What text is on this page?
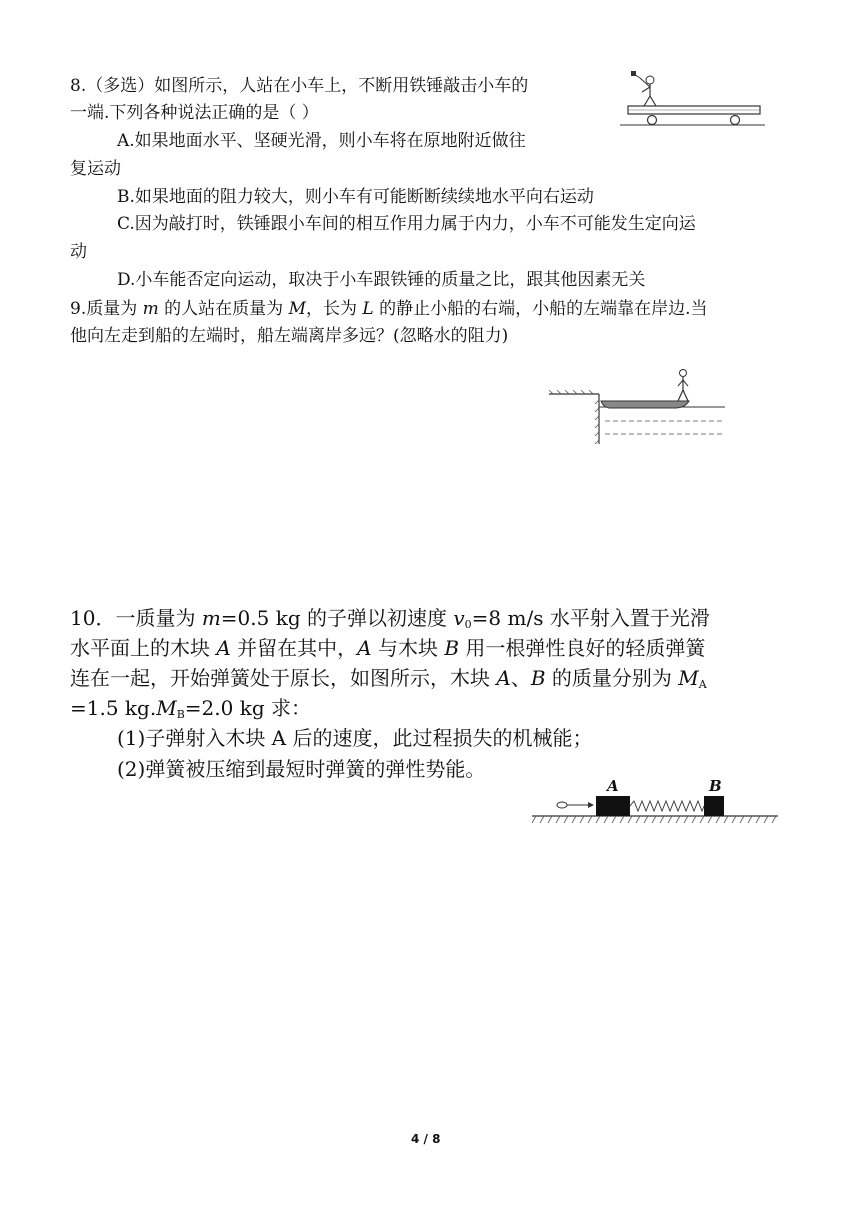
8.（多选）如图所示，人站在小车上，不断用铁锤敲击小车的
一端.下列各种说法正确的是（ ）
A.如果地面水平、坚硬光滑，则小车将在原地附近做往
复运动
B.如果地面的阻力较大，则小车有可能断断续续地水平向右运动
C.因为敲打时，铁锤跟小车间的相互作用力属于内力，小车不可能发生定向运
动
D.小车能否定向运动，取决于小车跟铁锤的质量之比，跟其他因素无关
9.质量为 m 的人站在质量为 M，长为 L 的静止小船的右端，小船的左端靠在岸边.当
他向左走到船的左端时，船左端离岸多远？(忽略水的阻力)
10．一质量为 m=0.5 kg 的子弹以初速度 $v_0=8$ m/s 水平射入置于光滑
水平面上的木块 A 并留在其中，A 与木块 B 用一根弹性良好的轻质弹簧
连在一起，开始弹簧处于原长，如图所示，木块 A、B 的质量分别为 $M_A$
=1.5 $kg.M_B=2.0$ kg 求：
(1)子弹射入木块 A 后的速度，此过程损失的机械能；
(2)弹簧被压缩到最短时弹簧的弹性势能。
A	B
4 / 8
